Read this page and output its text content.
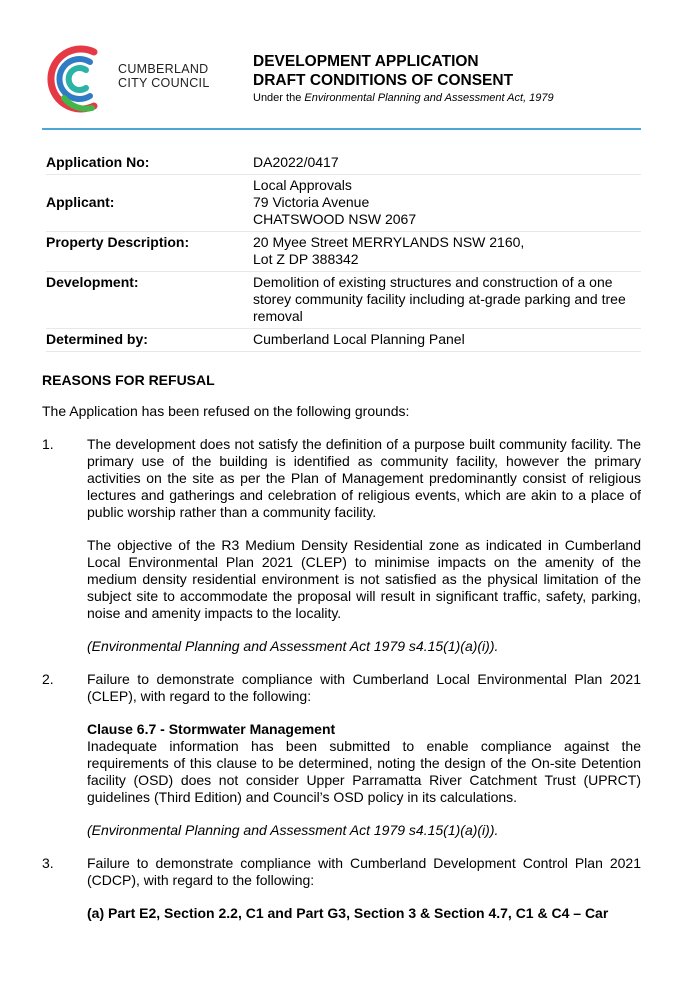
CUMBERLAND
CITY COUNCIL
DEVELOPMENT APPLICATION
DRAFT CONDITIONS OF CONSENT
Under the Environmental Planning and Assessment Act, 1979
Application No:	DA2022/0417
Applicant:
Local Approvals
79 Victoria Avenue
CHATSWOOD NSW 2067
Property Description:	20 Myee Street MERRYLANDS NSW 2160,
Lot Z DP 388342
Development:	Demolition of existing structures and construction of a one storey community facility including at-grade parking and tree removal
Determined by:	Cumberland Local Planning Panel
REASONS FOR REFUSAL

The Application has been refused on the following grounds:

1.	The development does not satisfy the definition of a purpose built community facility. The primary use of the building is identified as community facility, however the primary activities on the site as per the Plan of Management predominantly consist of religious lectures and gatherings and celebration of religious events, which are akin to a place of public worship rather than a community facility.

The objective of the R3 Medium Density Residential zone as indicated in Cumberland Local Environmental Plan 2021 (CLEP) to minimise impacts on the amenity of the medium density residential environment is not satisfied as the physical limitation of the subject site to accommodate the proposal will result in significant traffic, safety, parking, noise and amenity impacts to the locality.

(Environmental Planning and Assessment Act 1979 s4.15(1)(a)(i)).

2.	Failure to demonstrate compliance with Cumberland Local Environmental Plan 2021 (CLEP), with regard to the following:

Clause 6.7 - Stormwater Management

Inadequate information has been submitted to enable compliance against the requirements of this clause to be determined, noting the design of the On-site Detention facility (OSD) does not consider Upper Parramatta River Catchment Trust (UPRCT) guidelines (Third Edition) and Council’s OSD policy in its calculations.

(Environmental Planning and Assessment Act 1979 s4.15(1)(a)(i)).

3.	Failure to demonstrate compliance with Cumberland Development Control Plan 2021 (CDCP), with regard to the following:

(a) Part E2, Section 2.2, C1 and Part G3, Section 3 & Section 4.7, C1 & C4 – Car
